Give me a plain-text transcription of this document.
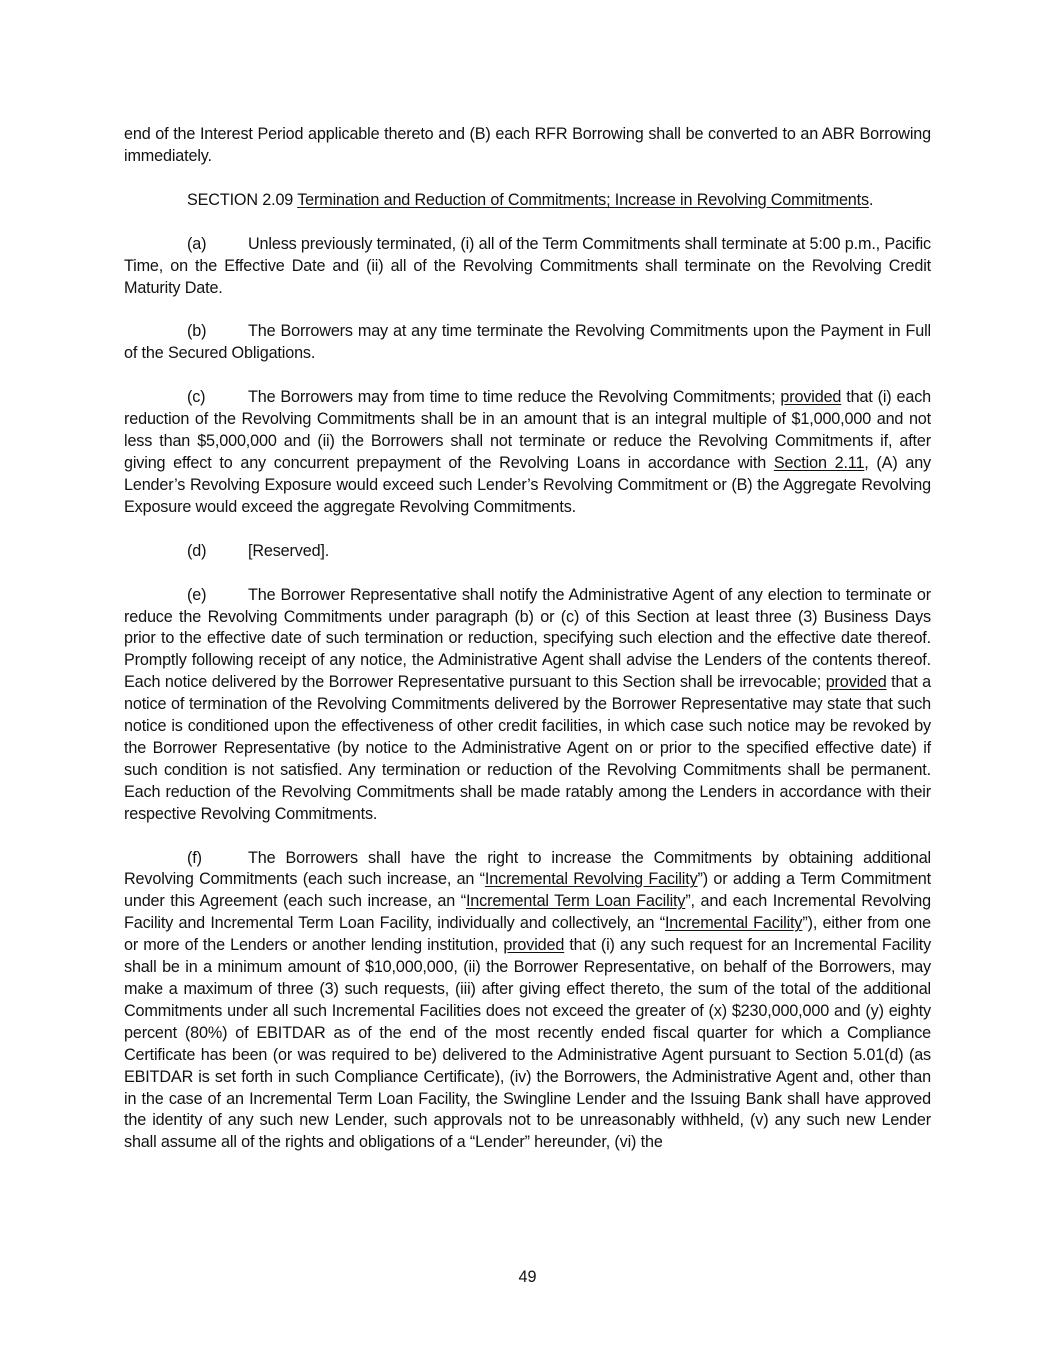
end of the Interest Period applicable thereto and (B) each RFR Borrowing shall be converted to an ABR Borrowing immediately.

SECTION 2.09 Termination and Reduction of Commitments; Increase in Revolving Commitments.

(a)	Unless previously terminated, (i) all of the Term Commitments shall terminate at 5:00 p.m., Pacific Time, on the Effective Date and (ii) all of the Revolving Commitments shall terminate on the Revolving Credit Maturity Date.

(b)	The Borrowers may at any time terminate the Revolving Commitments upon the Payment in Full of the Secured Obligations.

(c)	The Borrowers may from time to time reduce the Revolving Commitments; provided that (i) each reduction of the Revolving Commitments shall be in an amount that is an integral multiple of $1,000,000 and not less than $5,000,000 and (ii) the Borrowers shall not terminate or reduce the Revolving Commitments if, after giving effect to any concurrent prepayment of the Revolving Loans in accordance with Section 2.11, (A) any Lender’s Revolving Exposure would exceed such Lender’s Revolving Commitment or (B) the Aggregate Revolving Exposure would exceed the aggregate Revolving Commitments.

(d)	[Reserved].

(e)	The Borrower Representative shall notify the Administrative Agent of any election to terminate or reduce the Revolving Commitments under paragraph (b) or (c) of this Section at least three (3) Business Days prior to the effective date of such termination or reduction, specifying such election and the effective date thereof. Promptly following receipt of any notice, the Administrative Agent shall advise the Lenders of the contents thereof. Each notice delivered by the Borrower Representative pursuant to this Section shall be irrevocable; provided that a notice of termination of the Revolving Commitments delivered by the Borrower Representative may state that such notice is conditioned upon the effectiveness of other credit facilities, in which case such notice may be revoked by the Borrower Representative (by notice to the Administrative Agent on or prior to the specified effective date) if such condition is not satisfied. Any termination or reduction of the Revolving Commitments shall be permanent. Each reduction of the Revolving Commitments shall be made ratably among the Lenders in accordance with their respective Revolving Commitments.

(f)	The Borrowers shall have the right to increase the Commitments by obtaining additional Revolving Commitments (each such increase, an “Incremental Revolving Facility”) or adding a Term Commitment under this Agreement (each such increase, an “Incremental Term Loan Facility”, and each Incremental Revolving Facility and Incremental Term Loan Facility, individually and collectively, an “Incremental Facility”), either from one or more of the Lenders or another lending institution, provided that (i) any such request for an Incremental Facility shall be in a minimum amount of $10,000,000, (ii) the Borrower Representative, on behalf of the Borrowers, may make a maximum of three (3) such requests, (iii) after giving effect thereto, the sum of the total of the additional Commitments under all such Incremental Facilities does not exceed the greater of (x) $230,000,000 and (y) eighty percent (80%) of EBITDAR as of the end of the most recently ended fiscal quarter for which a Compliance Certificate has been (or was required to be) delivered to the Administrative Agent pursuant to Section 5.01(d) (as EBITDAR is set forth in such Compliance Certificate), (iv) the Borrowers, the Administrative Agent and, other than in the case of an Incremental Term Loan Facility, the Swingline Lender and the Issuing Bank shall have approved the identity of any such new Lender, such approvals not to be unreasonably withheld, (v) any such new Lender shall assume all of the rights and obligations of a “Lender” hereunder, (vi) the

49
